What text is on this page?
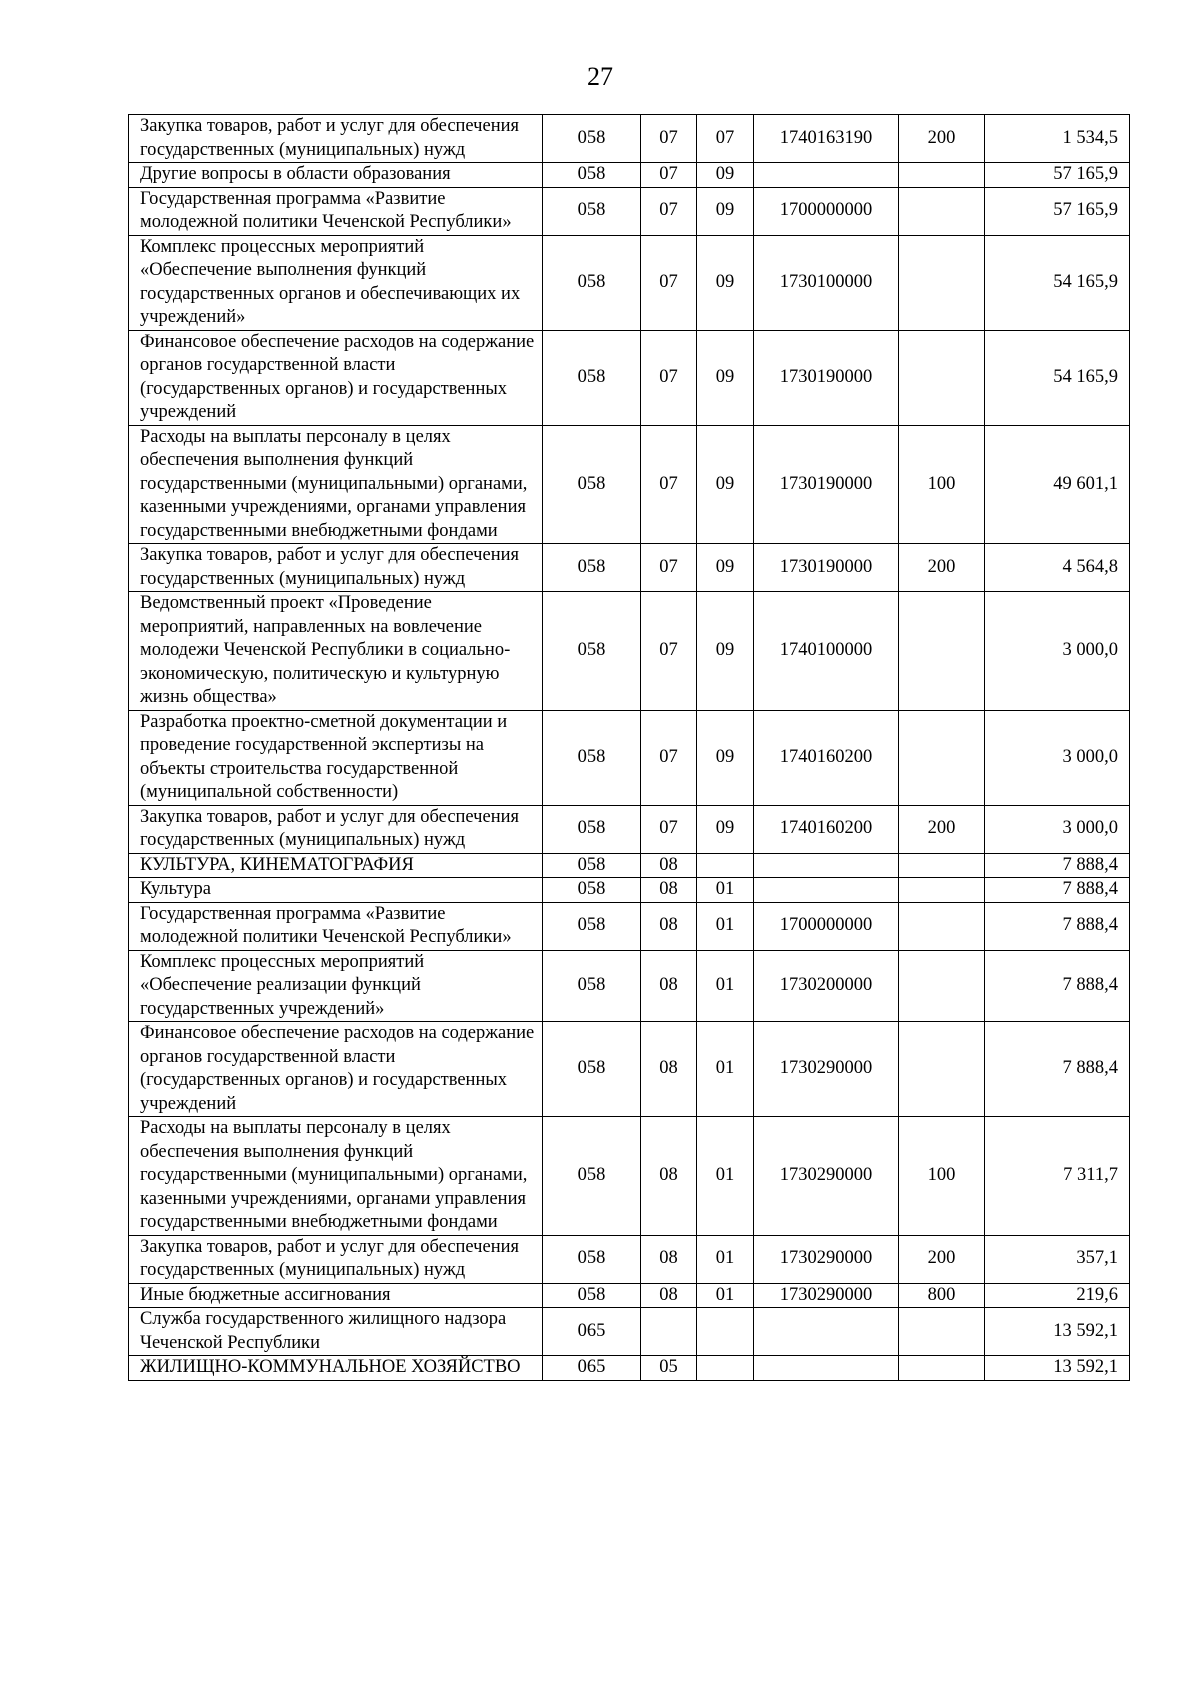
27
Закупка товаров, работ и услуг для обеспечения государственных (муниципальных) нужд	058	07	07	1740163190	200	1 534,5
Другие вопросы в области образования	058	07	09			57 165,9
Государственная программа «Развитие молодежной политики Чеченской Республики»	058	07	09	1700000000		57 165,9
Комплекс процессных мероприятий «Обеспечение выполнения функций государственных органов и обеспечивающих их учреждений»	058	07	09	1730100000		54 165,9
Финансовое обеспечение расходов на содержание органов государственной власти (государственных органов) и государственных учреждений	058	07	09	1730190000		54 165,9
Расходы на выплаты персоналу в целях обеспечения выполнения функций государственными (муниципальными) органами, казенными учреждениями, органами управления государственными внебюджетными фондами	058	07	09	1730190000	100	49 601,1
Закупка товаров, работ и услуг для обеспечения государственных (муниципальных) нужд	058	07	09	1730190000	200	4 564,8
Ведомственный проект «Проведение мероприятий, направленных на вовлечение молодежи Чеченской Республики в социально-экономическую, политическую и культурную жизнь общества»	058	07	09	1740100000		3 000,0
Разработка проектно-сметной документации и проведение государственной экспертизы на объекты строительства государственной (муниципальной собственности)	058	07	09	1740160200		3 000,0
Закупка товаров, работ и услуг для обеспечения государственных (муниципальных) нужд	058	07	09	1740160200	200	3 000,0
КУЛЬТУРА, КИНЕМАТОГРАФИЯ	058	08				7 888,4
Культура	058	08	01			7 888,4
Государственная программа «Развитие молодежной политики Чеченской Республики»	058	08	01	1700000000		7 888,4
Комплекс процессных мероприятий «Обеспечение реализации функций государственных учреждений»	058	08	01	1730200000		7 888,4
Финансовое обеспечение расходов на содержание органов государственной власти (государственных органов) и государственных учреждений	058	08	01	1730290000		7 888,4
Расходы на выплаты персоналу в целях обеспечения выполнения функций государственными (муниципальными) органами, казенными учреждениями, органами управления государственными внебюджетными фондами	058	08	01	1730290000	100	7 311,7
Закупка товаров, работ и услуг для обеспечения государственных (муниципальных) нужд	058	08	01	1730290000	200	357,1
Иные бюджетные ассигнования	058	08	01	1730290000	800	219,6
Служба государственного жилищного надзора Чеченской Республики	065					13 592,1
ЖИЛИЩНО-КОММУНАЛЬНОЕ ХОЗЯЙСТВО	065	05				13 592,1
